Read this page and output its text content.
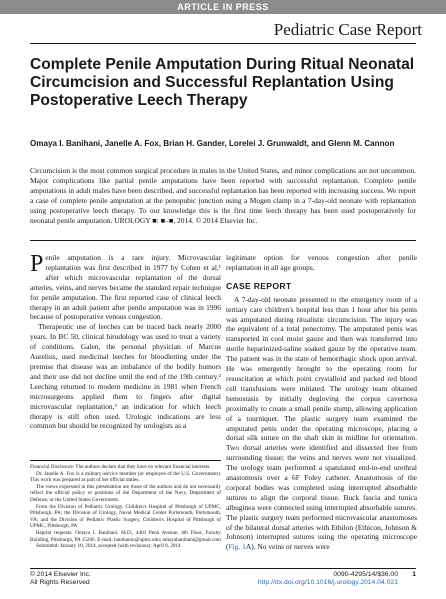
ARTICLE IN PRESS
Pediatric Case Report
Complete Penile Amputation During Ritual Neonatal Circumcision and Successful Replantation Using Postoperative Leech Therapy

Omaya I. Banihani, Janelle A. Fox, Brian H. Gander, Lorelei J. Grunwaldt, and Glenn M. Cannon

Circumcision is the most common surgical procedure in males in the United States, and minor complications are not uncommon. Major complications like partial penile amputations have been reported with successful replantation. Complete penile amputations in adult males have been described, and successful replantation has been reported with increasing success. We report a case of complete penile amputation at the penopubic junction using a Mogen clamp in a 7-day-old neonate with replantation using postoperative leech therapy. To our knowledge this is the first time leech therapy has been used postoperatively for neonatal penile amputation. UROLOGY ■: ■–■, 2014. © 2014 Elsevier Inc.

Penile amputation is a rare injury. Microvascular replantation was first described in 1977 by Cohen et al,¹ after which microvascular replantation of the dorsal arteries, veins, and nerves became the standard repair technique for penile amputation. The first reported case of clinical leech therapy in an adult patient after penile amputation was in 1996 because of postoperative venous congestion.

Therapeutic use of leeches can be traced back nearly 2000 years. In BC 50, clinical hirudology was used to treat a variety of conditions. Galen, the personal physician of Marcus Aurelius, used medicinal leeches for bloodletting under the premise that disease was an imbalance of the bodily humors and their use did not decline until the end of the 19th century.² Leeching returned to modern medicine in 1981 when French microsurgeons applied them to fingers after digital microvascular replantation,³ an indication for which leech therapy is still often used. Urologic indications are less common but should be recognized by urologists as a

legitimate option for venous congestion after penile replantation in all age groups.

CASE REPORT

A 7-day-old neonate presented to the emergency room of a tertiary care children's hospital less than 1 hour after his penis was amputated during ritualistic circumcision. The injury was the equivalent of a total penectomy. The amputated penis was transported in cool moist gauze and then was transferred into sterile heparinized-saline soaked gauze by the operative team. The patient was in the state of hemorrhagic shock upon arrival. He was emergently brought to the operating room for resuscitation at which point crystalloid and packed red blood cell transfusions were initiated. The urology team obtained hemostasis by initially degloving the corpus cavernosa proximally to create a small penile stump, allowing application of a tourniquet. The plastic surgery team examined the amputated penis under the operating microscope, placing a dorsal silk suture on the shaft skin in midline for orientation. Two dorsal arteries were identified and dissected free from surrounding tissue; the veins and nerves were not visualized. The urology team performed a spatulated end-to-end urethral anastomosis over a 6F Foley catheter. Anastomosis of the corporal bodies was completed using interrupted absorbable sutures to align the corporal tissue. Buck fascia and tunica albuginea were connected using interrupted absorbable sutures. The plastic surgery team performed microvascular anastomoses of the bilateral dorsal arteries with Ethilon (Ethicon, Johnson & Johnson) interrupted sutures using the operating microscope (Fig. 1A). No veins or nerves were

Financial Disclosure: The authors declare that they have no relevant financial interests.

Dr. Janelle A. Fox is a military service member (or employee of the U.S. Government). This work was prepared as part of her official duties.

The views expressed in this presentation are those of the authors and do not necessarily reflect the official policy or positions of the Department of the Navy, Department of Defense, or the United States Government.

From the Division of Pediatric Urology, Children's Hospital of Pittsburgh of UPMC, Pittsburgh, PA; the Division of Urology, Naval Medical Center Portsmouth, Portsmouth, VA; and the Division of Pediatric Plastic Surgery, Children's Hospital of Pittsburgh of UPMC, Pittsburgh, PA

Reprint requests: Omaya I. Banihani, M.D., 4401 Penn Avenue, 4th Floor, Faculty Building, Pittsburgh, PA 15206. E-mail: banihanio@upmc.edu; omayabanihani@gmail.com

Submitted: January 10, 2014, accepted (with revisions): April 8, 2014

© 2014 Elsevier Inc.
All Rights Reserved
0090-4295/14/$36.00
http://dx.doi.org/10.1016/j.urology.2014.04.021
1
